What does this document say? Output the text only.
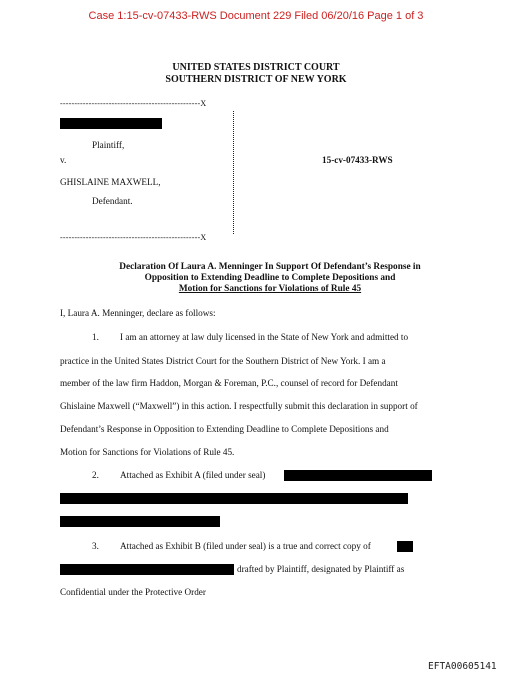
Case 1:15-cv-07433-RWS Document 229 Filed 06/20/16 Page 1 of 3
UNITED STATES DISTRICT COURT
SOUTHERN DISTRICT OF NEW YORK
-------------------------------------------------X
Plaintiff,
v.	15-cv-07433-RWS
GHISLAINE MAXWELL,
Defendant.
-------------------------------------------------X
Declaration Of Laura A. Menninger In Support Of Defendant’s Response in
Opposition to Extending Deadline to Complete Depositions and
Motion for Sanctions for Violations of Rule 45
I, Laura A. Menninger, declare as follows:
1. I am an attorney at law duly licensed in the State of New York and admitted to
practice in the United States District Court for the Southern District of New York. I am a
member of the law firm Haddon, Morgan & Foreman, P.C., counsel of record for Defendant
Ghislaine Maxwell (“Maxwell”) in this action. I respectfully submit this declaration in support of
Defendant’s Response in Opposition to Extending Deadline to Complete Depositions and
Motion for Sanctions for Violations of Rule 45.
2. Attached as Exhibit A (filed under seal)
3. Attached as Exhibit B (filed under seal) is a true and correct copy of
drafted by Plaintiff, designated by Plaintiff as
Confidential under the Protective Order
EFTA00605141
